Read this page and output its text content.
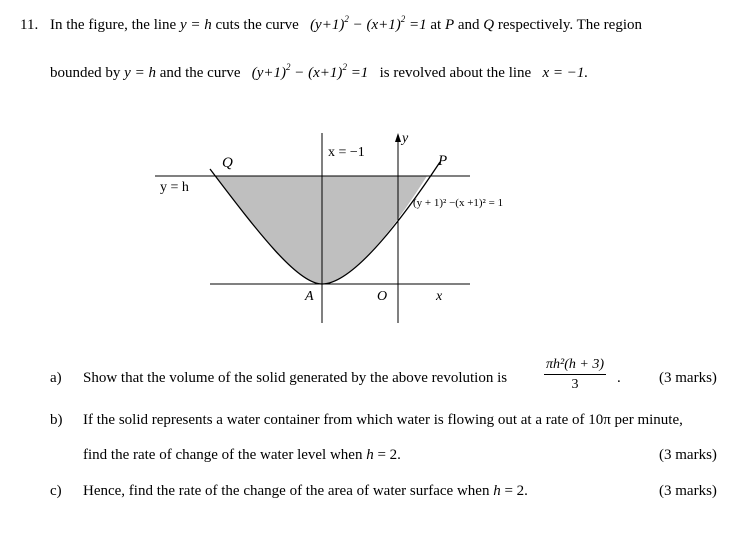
11. In the figure, the line y = h cuts the curve $(y+1)^2 - (x+1)^2 =1$ at P and Q respectively. The region
bounded by y = h and the curve $(y+1)^2 - (x+1)^2 =1$ is revolved about the line x = −1.
x = −1
y
Q	P
y = h
(y + 1)² −(x +1)² = 1
A	O	x
a) Show that the volume of the solid generated by the above revolution is	$\frac{\text{πh²(h + 3)}}{3}$ .	(3 marks)
b) If the solid represents a water container from which water is flowing out at a rate of 10π per minute,
find the rate of change of the water level when h = 2.	(3 marks)
c) Hence, find the rate of the change of the area of water surface when h = 2.	(3 marks)
